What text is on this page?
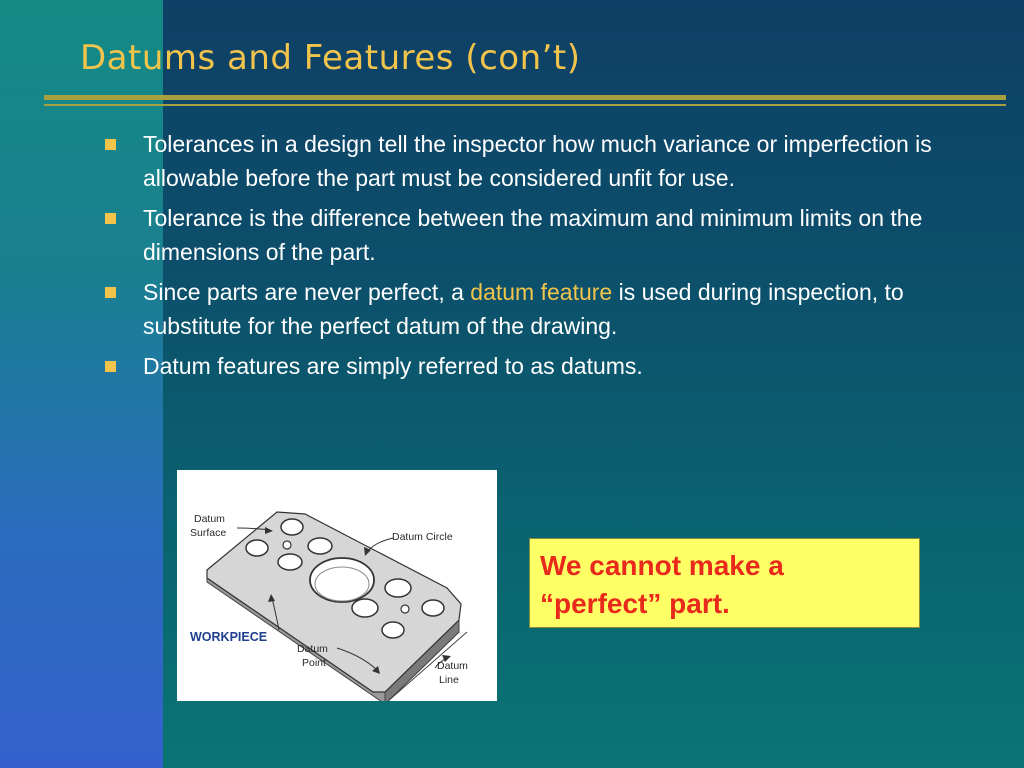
Datums and Features (con’t)
Tolerances in a design tell the inspector how much variance or imperfection is allowable before the part must be considered unfit for use.
Tolerance is the difference between the maximum and minimum limits on the dimensions of the part.
Since parts are never perfect, a datum feature is used during inspection, to substitute for the perfect datum of the drawing.
Datum features are simply referred to as datums.
Datum
Surface	Datum Circle
WORKPIECE
Datum
Point	Datum
Line
We cannot make a
“perfect” part.
